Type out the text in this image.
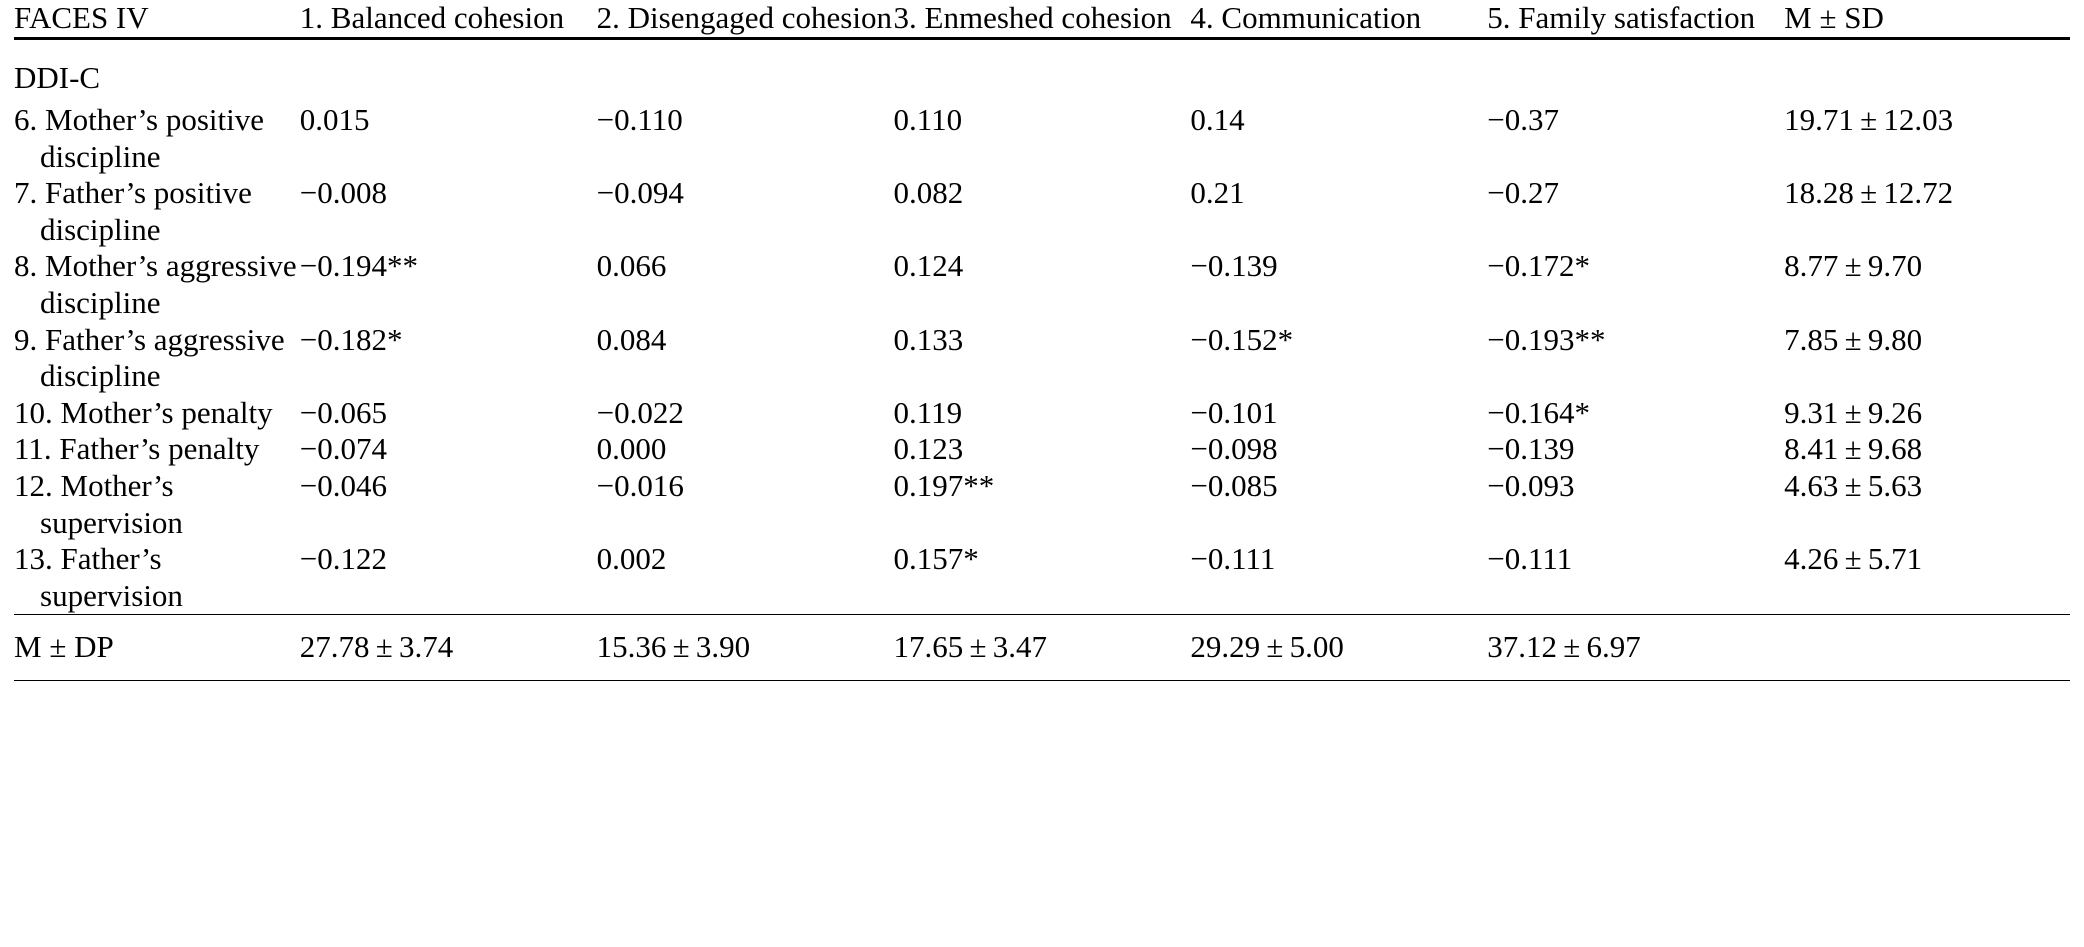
FACES IV	1. Balanced cohesion	2. Disengaged cohesion	3. Enmeshed cohesion	4. Communication	5. Family satisfaction	M ± SD

DDI-C						
6. Mother’s positive discipline	0.015	−0.110	0.110	0.14	−0.37	19.71 ± 12.03
7. Father’s positive discipline	−0.008	−0.094	0.082	0.21	−0.27	18.28 ± 12.72
8. Mother’s aggressive discipline	−0.194**	0.066	0.124	−0.139	−0.172*	8.77 ± 9.70
9. Father’s aggressive discipline	−0.182*	0.084	0.133	−0.152*	−0.193**	7.85 ± 9.80
10. Mother’s penalty	−0.065	−0.022	0.119	−0.101	−0.164*	9.31 ± 9.26
11. Father’s penalty	−0.074	0.000	0.123	−0.098	−0.139	8.41 ± 9.68
12. Mother’s supervision	−0.046	−0.016	0.197**	−0.085	−0.093	4.63 ± 5.63
13. Father’s supervision	−0.122	0.002	0.157*	−0.111	−0.111	4.26 ± 5.71
M ± DP	27.78 ± 3.74	15.36 ± 3.90	17.65 ± 3.47	29.29 ± 5.00	37.12 ± 6.97	
